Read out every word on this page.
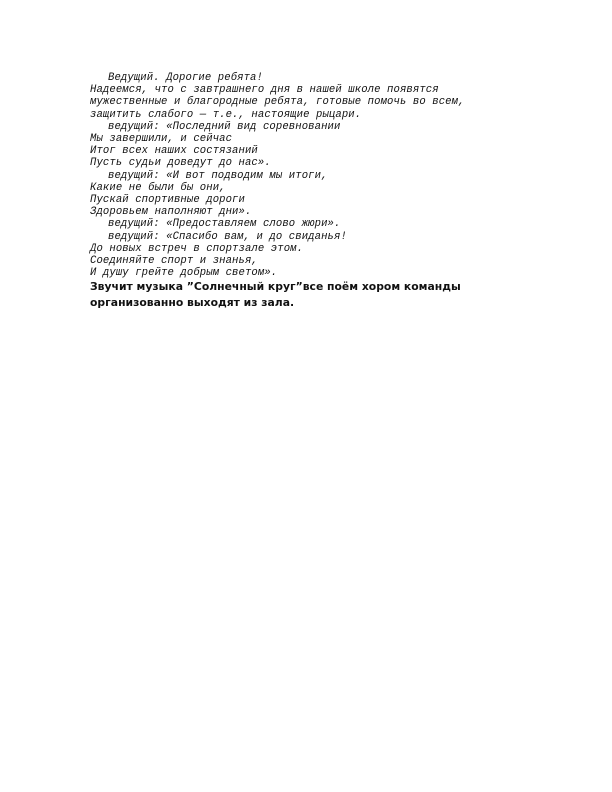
Ведущий. Дорогие ребята!
Надеемся, что с завтрашнего дня в нашей школе появятся
мужественные и благородные ребята, готовые помочь во всем,
защитить слабого — т.е., настоящие рыцари.
ведущий: «Последний вид соревновании
Мы завершили, и сейчас
Итог всех наших состязаний
Пусть судьи доведут до нас».
ведущий: «И вот подводим мы итоги,
Какие не были бы они,
Пускай спортивные дороги
Здоровьем наполняют дни».
ведущий: «Предоставляем слово жюри».
ведущий: «Спасибо вам, и до свиданья!
До новых встреч в спортзале этом.
Соединяйте спорт и знанья,
И душу грейте добрым светом».
Звучит музыка ”Солнечный круг”все поём хором команды
организованно выходят из зала.
